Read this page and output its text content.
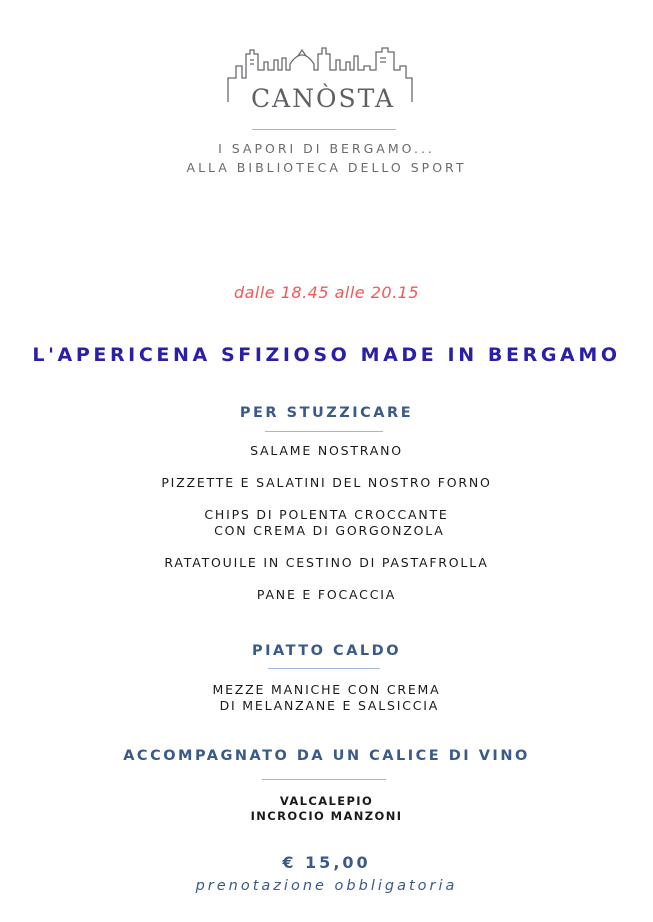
CANÒSTA
I SAPORI DI BERGAMO...
ALLA BIBLIOTECA DELLO SPORT
dalle 18.45 alle 20.15
L'APERICENA SFIZIOSO MADE IN BERGAMO
PER STUZZICARE
SALAME NOSTRANO
PIZZETTE E SALATINI DEL NOSTRO FORNO
CHIPS DI POLENTA CROCCANTE
CON CREMA DI GORGONZOLA
RATATOUILE IN CESTINO DI PASTAFROLLA
PANE E FOCACCIA
PIATTO CALDO
MEZZE MANICHE CON CREMA
DI MELANZANE E SALSICCIA
ACCOMPAGNATO DA UN CALICE DI VINO
VALCALEPIO
INCROCIO MANZONI
€ 15,00
prenotazione obbligatoria
